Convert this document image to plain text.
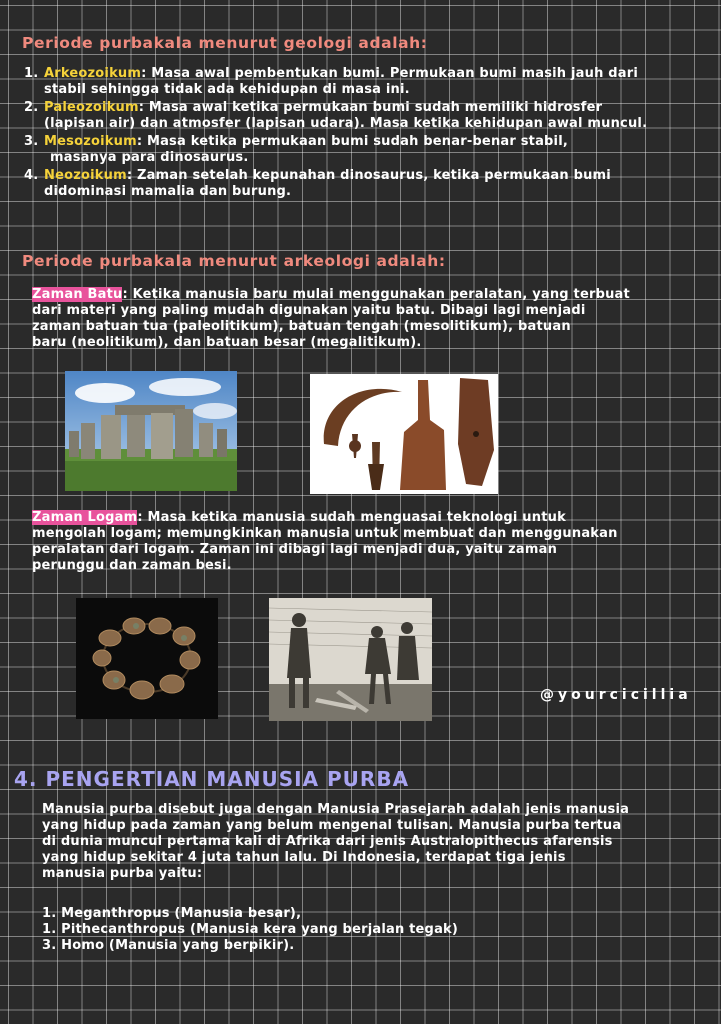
Periode purbakala menurut geologi adalah:
1. Arkeozoikum: Masa awal pembentukan bumi. Permukaan bumi masih jauh dari
stabil sehingga tidak ada kehidupan di masa ini.
2. Paleozoikum: Masa awal ketika permukaan bumi sudah memiliki hidrosfer
(lapisan air) dan atmosfer (lapisan udara). Masa ketika kehidupan awal muncul.
3. Mesozoikum: Masa ketika permukaan bumi sudah benar-benar stabil,
masanya para dinosaurus.
4. Neozoikum: Zaman setelah kepunahan dinosaurus, ketika permukaan bumi
didominasi mamalia dan burung.
Periode purbakala menurut arkeologi adalah:
Zaman Batu: Ketika manusia baru mulai menggunakan peralatan, yang terbuat
dari materi yang paling mudah digunakan yaitu batu. Dibagi lagi menjadi
zaman batuan tua (paleolitikum), batuan tengah (mesolitikum), batuan
baru (neolitikum), dan batuan besar (megalitikum).
Zaman Logam: Masa ketika manusia sudah menguasai teknologi untuk
mengolah logam; memungkinkan manusia untuk membuat dan menggunakan
peralatan dari logam. Zaman ini dibagi lagi menjadi dua, yaitu zaman
perunggu dan zaman besi.
@yourcicillia
4. PENGERTIAN MANUSIA PURBA
Manusia purba disebut juga dengan Manusia Prasejarah adalah jenis manusia
yang hidup pada zaman yang belum mengenal tulisan. Manusia purba tertua
di dunia muncul pertama kali di Afrika dari jenis Australopithecus afarensis
yang hidup sekitar 4 juta tahun lalu. Di Indonesia, terdapat tiga jenis
manusia purba yaitu:
1. Meganthropus (Manusia besar),
1. Pithecanthropus (Manusia kera yang berjalan tegak)
3. Homo (Manusia yang berpikir).
